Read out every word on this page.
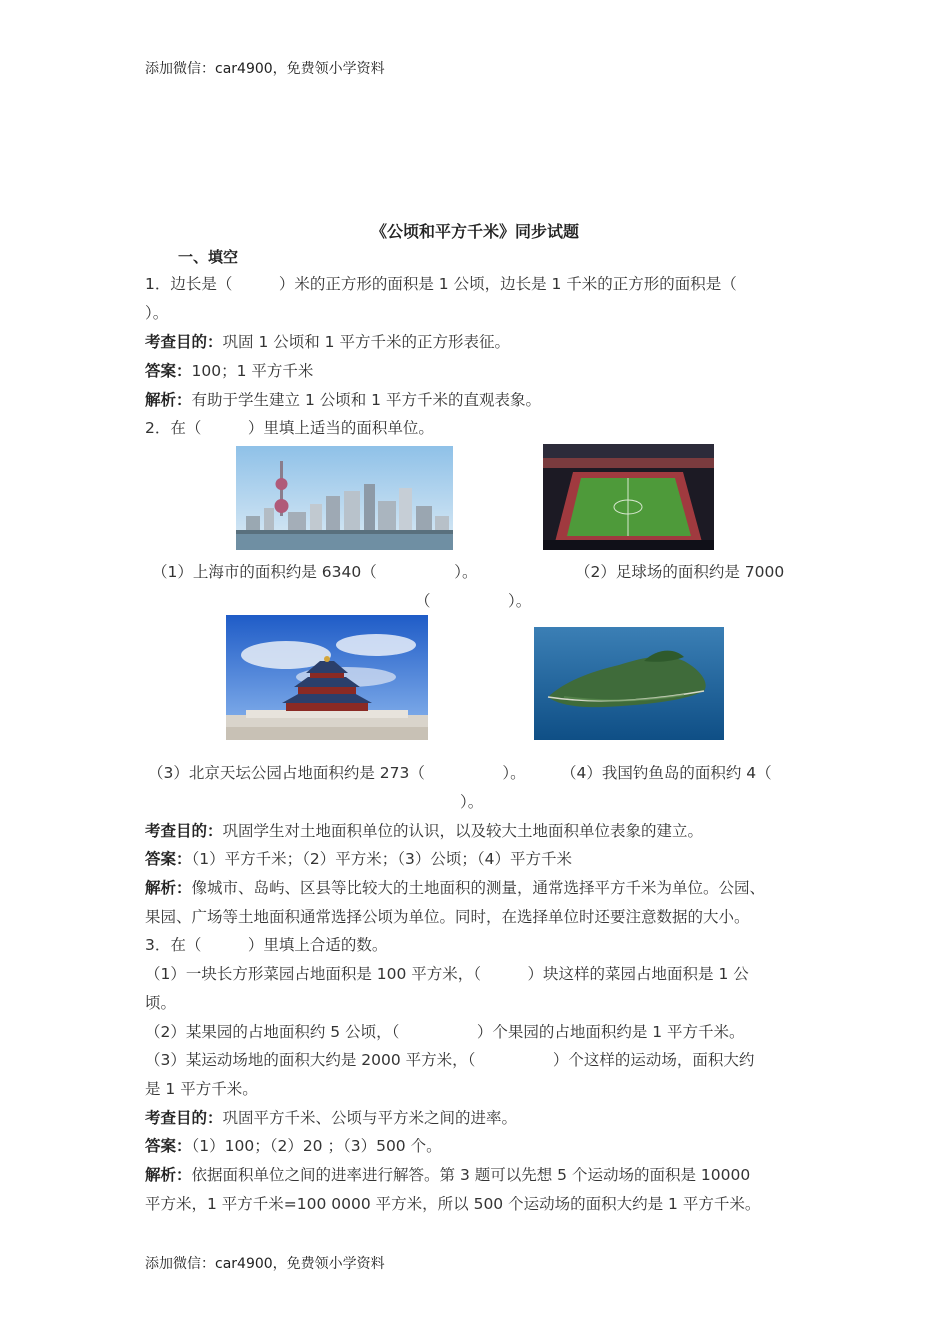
添加微信：car4900，免费领小学资料
《公顷和平方千米》同步试题
一、填空
1．边长是（　　　）米的正方形的面积是 1 公顷，边长是 1 千米的正方形的面积是（
）。
考查目的：巩固 1 公顷和 1 平方千米的正方形表征。
答案：100；1 平方千米
解析：有助于学生建立 1 公顷和 1 平方千米的直观表象。
2．在（　　　）里填上适当的面积单位。
（1）上海市的面积约是 6340（　　　　　）。	（2）足球场的面积约是 7000
（　　　　　）。
（3）北京天坛公园占地面积约是 273（　　　　　）。 （4）我国钓鱼岛的面积约 4（
）。
考查目的：巩固学生对土地面积单位的认识，以及较大土地面积单位表象的建立。
答案：（1）平方千米；（2）平方米；（3）公顷；（4）平方千米
解析：像城市、岛屿、区县等比较大的土地面积的测量，通常选择平方千米为单位。公园、
果园、广场等土地面积通常选择公顷为单位。同时，在选择单位时还要注意数据的大小。
3．在（　　　）里填上合适的数。
（1）一块长方形菜园占地面积是 100 平方米，（　　　）块这样的菜园占地面积是 1 公
顷。
（2）某果园的占地面积约 5 公顷，（　　　　　）个果园的占地面积约是 1 平方千米。
（3）某运动场地的面积大约是 2000 平方米，（　　　　　）个这样的运动场，面积大约
是 1 平方千米。
考查目的：巩固平方千米、公顷与平方米之间的进率。
答案：（1）100；（2）20 ；（3）500 个。
解析：依据面积单位之间的进率进行解答。第 3 题可以先想 5 个运动场的面积是 10000
平方米，1 平方千米=100 0000 平方米，所以 500 个运动场的面积大约是 1 平方千米。
添加微信：car4900，免费领小学资料
